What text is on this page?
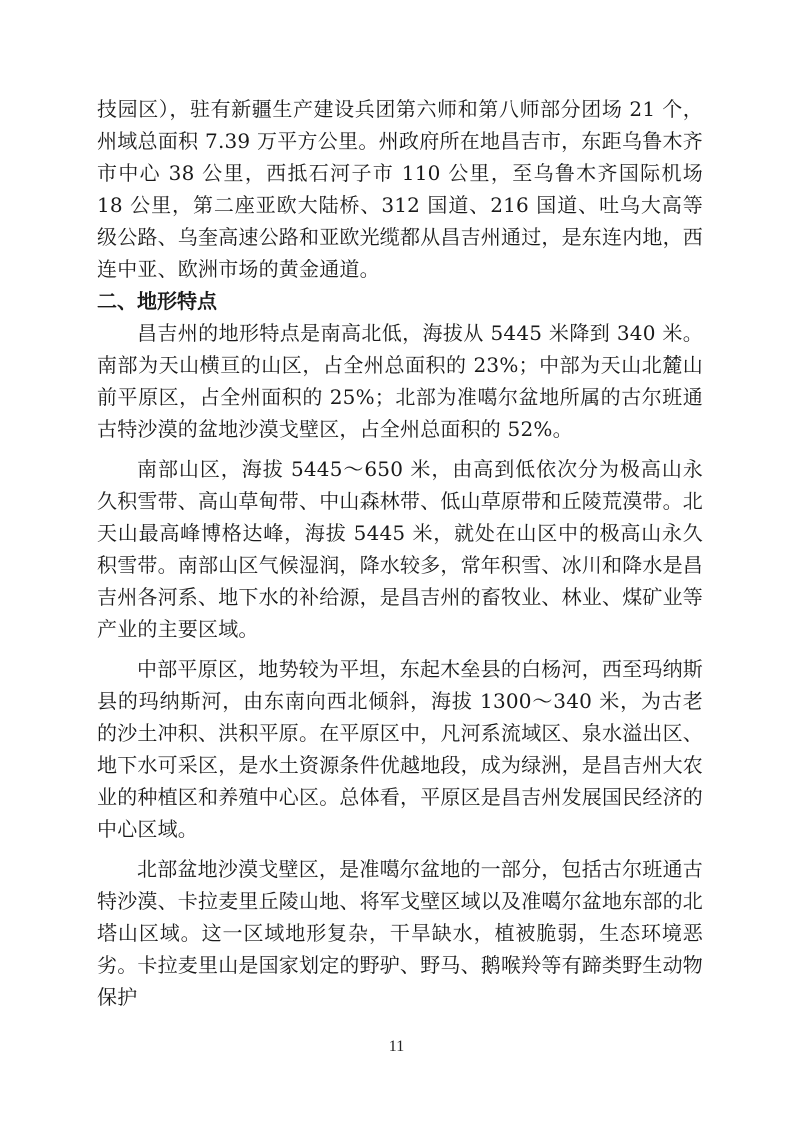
技园区），驻有新疆生产建设兵团第六师和第八师部分团场 21 个，州域总面积 7.39 万平方公里。州政府所在地昌吉市，东距乌鲁木齐市中心 38 公里，西抵石河子市 110 公里，至乌鲁木齐国际机场 18 公里，第二座亚欧大陆桥、312 国道、216 国道、吐乌大高等级公路、乌奎高速公路和亚欧光缆都从昌吉州通过，是东连内地，西连中亚、欧洲市场的黄金通道。

二、地形特点

昌吉州的地形特点是南高北低，海拔从 5445 米降到 340 米。南部为天山横亘的山区，占全州总面积的 23%；中部为天山北麓山前平原区，占全州面积的 25%；北部为准噶尔盆地所属的古尔班通古特沙漠的盆地沙漠戈壁区，占全州总面积的 52%。

南部山区，海拔 5445～650 米，由高到低依次分为极高山永久积雪带、高山草甸带、中山森林带、低山草原带和丘陵荒漠带。北天山最高峰博格达峰，海拔 5445 米，就处在山区中的极高山永久积雪带。南部山区气候湿润，降水较多，常年积雪、冰川和降水是昌吉州各河系、地下水的补给源，是昌吉州的畜牧业、林业、煤矿业等产业的主要区域。

中部平原区，地势较为平坦，东起木垒县的白杨河，西至玛纳斯县的玛纳斯河，由东南向西北倾斜，海拔 1300～340 米，为古老的沙土冲积、洪积平原。在平原区中，凡河系流域区、泉水溢出区、地下水可采区，是水土资源条件优越地段，成为绿洲，是昌吉州大农业的种植区和养殖中心区。总体看，平原区是昌吉州发展国民经济的中心区域。

北部盆地沙漠戈壁区，是准噶尔盆地的一部分，包括古尔班通古特沙漠、卡拉麦里丘陵山地、将军戈壁区域以及准噶尔盆地东部的北塔山区域。这一区域地形复杂，干旱缺水，植被脆弱，生态环境恶劣。卡拉麦里山是国家划定的野驴、野马、鹅喉羚等有蹄类野生动物保护

11
